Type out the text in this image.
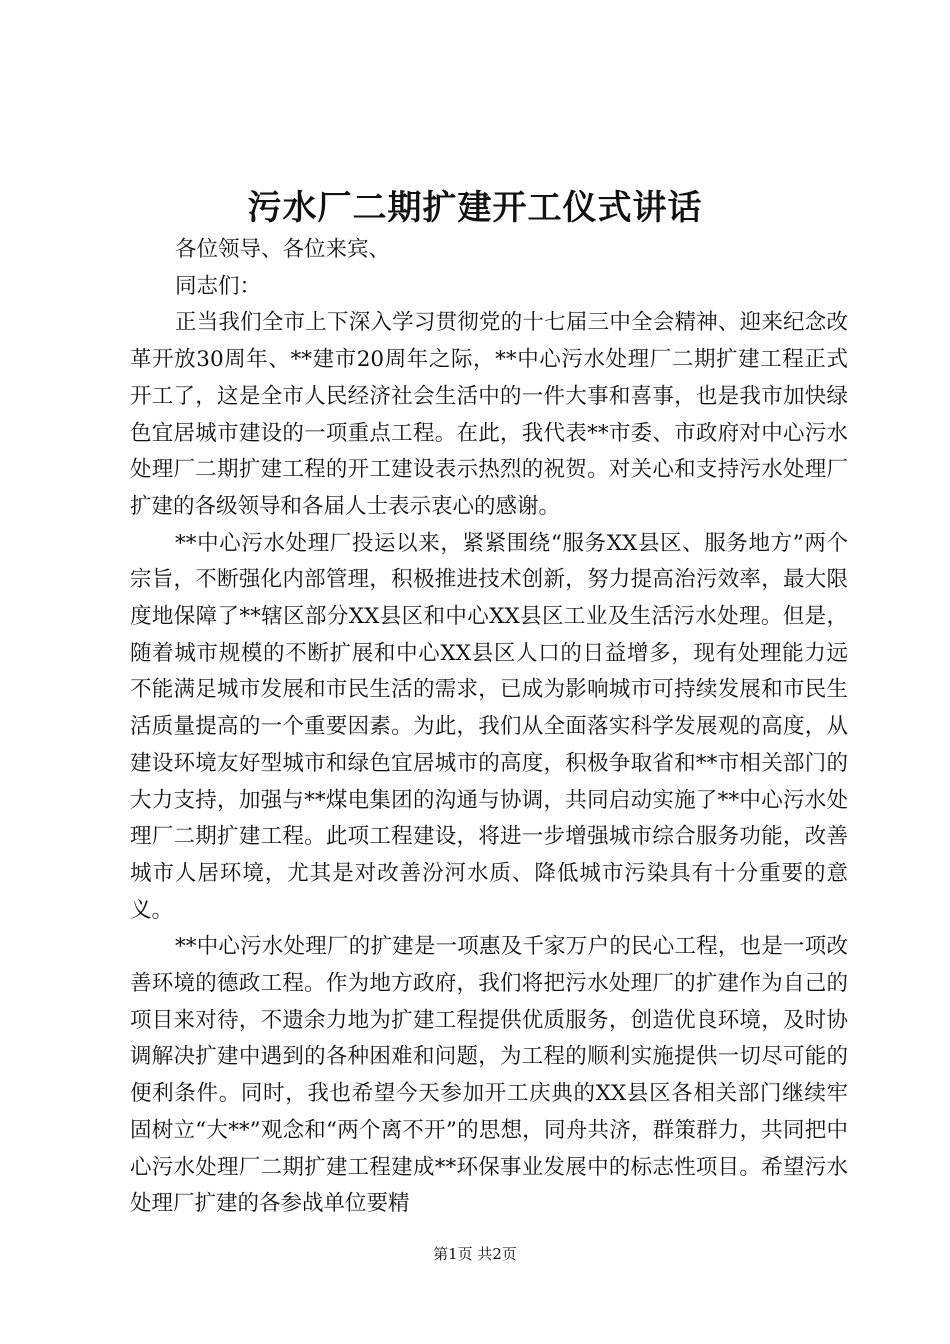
污水厂二期扩建开工仪式讲话

各位领导、各位来宾、

同志们：

正当我们全市上下深入学习贯彻党的十七届三中全会精神、迎来纪念改革开放30周年、**建市20周年之际，**中心污水处理厂二期扩建工程正式开工了，这是全市人民经济社会生活中的一件大事和喜事，也是我市加快绿色宜居城市建设的一项重点工程。在此，我代表**市委、市政府对中心污水处理厂二期扩建工程的开工建设表示热烈的祝贺。对关心和支持污水处理厂扩建的各级领导和各届人士表示衷心的感谢。

**中心污水处理厂投运以来，紧紧围绕“服务XX县区、服务地方”两个宗旨，不断强化内部管理，积极推进技术创新，努力提高治污效率，最大限度地保障了**辖区部分XX县区和中心XX县区工业及生活污水处理。但是，随着城市规模的不断扩展和中心XX县区人口的日益增多，现有处理能力远不能满足城市发展和市民生活的需求，已成为影响城市可持续发展和市民生活质量提高的一个重要因素。为此，我们从全面落实科学发展观的高度，从建设环境友好型城市和绿色宜居城市的高度，积极争取省和**市相关部门的大力支持，加强与**煤电集团的沟通与协调，共同启动实施了**中心污水处理厂二期扩建工程。此项工程建设，将进一步增强城市综合服务功能，改善城市人居环境，尤其是对改善汾河水质、降低城市污染具有十分重要的意义。

**中心污水处理厂的扩建是一项惠及千家万户的民心工程，也是一项改善环境的德政工程。作为地方政府，我们将把污水处理厂的扩建作为自己的项目来对待，不遗余力地为扩建工程提供优质服务，创造优良环境，及时协调解决扩建中遇到的各种困难和问题，为工程的顺利实施提供一切尽可能的便利条件。同时，我也希望今天参加开工庆典的XX县区各相关部门继续牢固树立“大**”观念和“两个离不开”的思想，同舟共济，群策群力，共同把中心污水处理厂二期扩建工程建成**环保事业发展中的标志性项目。希望污水处理厂扩建的各参战单位要精

第1页 共2页
